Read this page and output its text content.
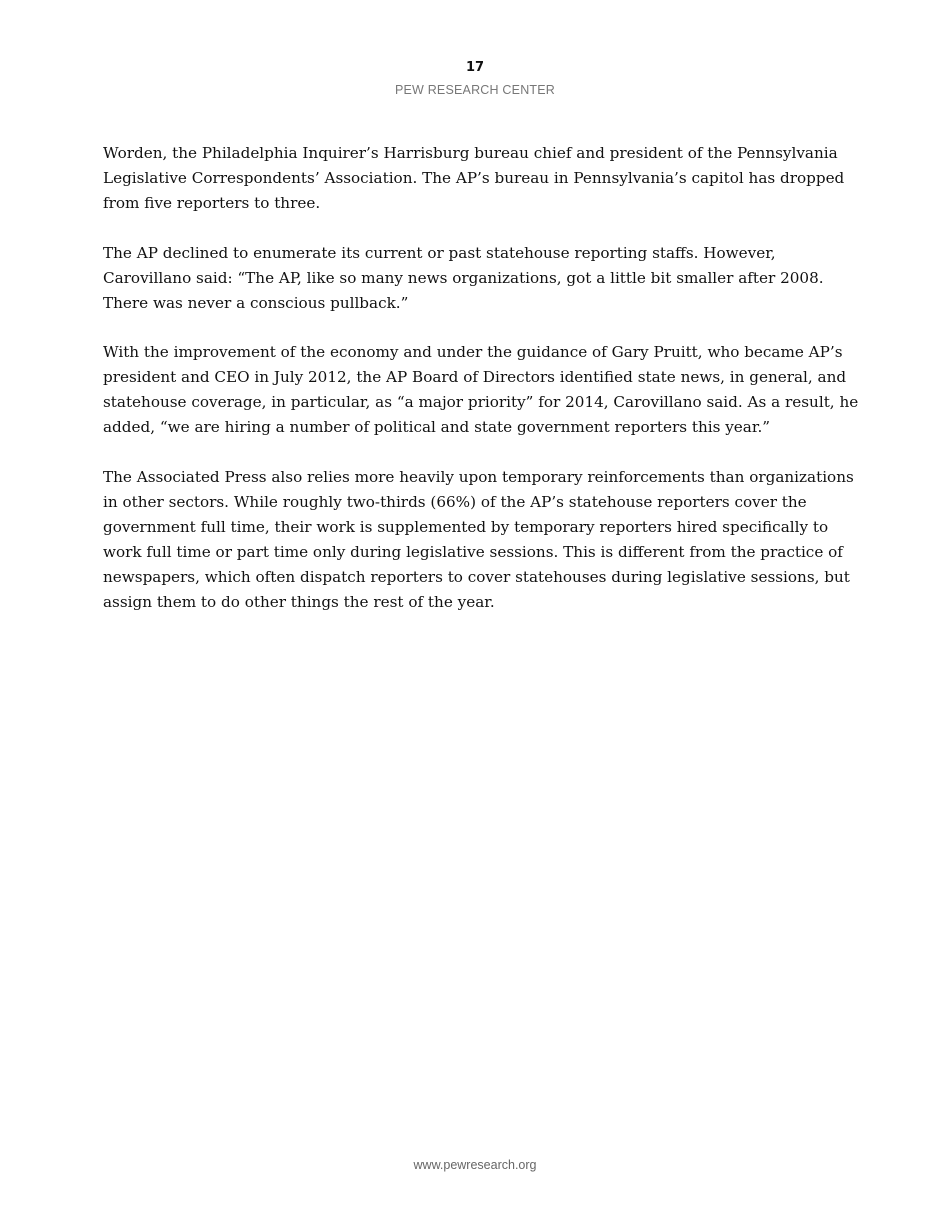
17
PEW RESEARCH CENTER

Worden, the Philadelphia Inquirer’s Harrisburg bureau chief and president of the Pennsylvania Legislative Correspondents’ Association. The AP’s bureau in Pennsylvania’s capitol has dropped from five reporters to three.

The AP declined to enumerate its current or past statehouse reporting staffs. However, Carovillano said: “The AP, like so many news organizations, got a little bit smaller after 2008. There was never a conscious pullback.”

With the improvement of the economy and under the guidance of Gary Pruitt, who became AP’s president and CEO in July 2012, the AP Board of Directors identified state news, in general, and statehouse coverage, in particular, as “a major priority” for 2014, Carovillano said. As a result, he added, “we are hiring a number of political and state government reporters this year.”

The Associated Press also relies more heavily upon temporary reinforcements than organizations in other sectors. While roughly two-thirds (66%) of the AP’s statehouse reporters cover the government full time, their work is supplemented by temporary reporters hired specifically to work full time or part time only during legislative sessions. This is different from the practice of newspapers, which often dispatch reporters to cover statehouses during legislative sessions, but assign them to do other things the rest of the year.

www.pewresearch.org
